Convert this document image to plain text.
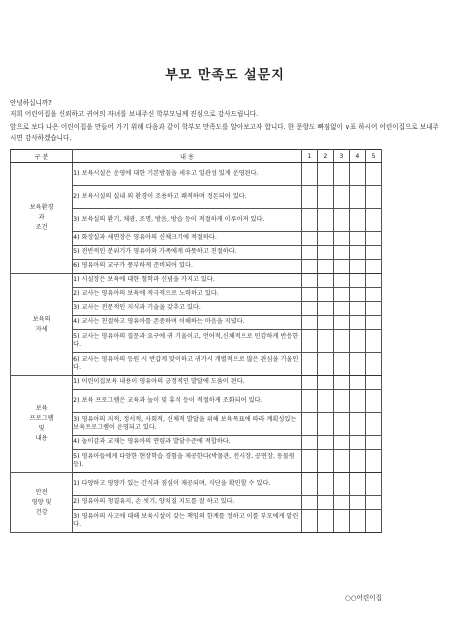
부모 만족도 설문지
안녕하십니까?
저희 어린이집을 신뢰하고 귀여의 자녀를 보내주신 학부모님께 진심으로 감사드립니다.
앞으로 보다 나은 어린이집을 만들어 가기 위해 다음과 같이 학부모 만족도를 알아보고자 합니다. 한 문항도 빠짐없이 ∨표 하시어 어린이집으로 보내주시면 감사하겠습니다.
구 분	내 용	1	2	3	4	5
보육환경
과
조건	1) 보육시설은 운영에 대한 기본방침을 세우고 일관성 있게 운영된다.					
	2) 보육시설의 실내 외 환경이 조용하고 쾌적하며 정돈되어 있다.					
	3) 보육실의 환기, 채광, 조명, 방음, 방습 등이 적절하게 이루어져 있다.					
	4) 화장실과 세면장은 영유아의 신체크기에 적절하다.					
	5) 전반적인 분위기가 영유아와 가족에게 따뜻하고 친절하다.					
	6) 영유아의 교구가 풍부하게 준비되어 있다.					
보육의
자세	1) 시설장은 보육에 대한 철학과 신념을 가지고 있다.					
	2) 교사는 영유아의 보육에 적극적으로 노력하고 있다.					
	3) 교사는 전문적인 지식과 기술을 갖추고 있다.					
	4) 교사는 친절하고 영유아를 존중하며 이해하는 마음을 지녔다.					
	5) 교사는 영유아의 질문과 요구에 귀 기울이고, 언어적,신체적으로 민감하게 반응한다.					
	6) 교사는 영유아의 등원 시 반갑게 맞이하고 귀가시 개별적으로 많은 관심을 기울인다.					
보육
프로그램
및
내용	1) 어린이집보육 내용이 영유아의 긍정적인 발달에 도움이 된다.					
	2) 보육 프로그램은 교육과 놀이 및 휴식 등이 적절하게 조화되어 있다.					
	3) 영유아의 지적, 정서적, 사회적, 신체적 발달을 위해 보육목표에 따라 계획성있는 보육프로그램이 운영되고 있다.					
	4) 놀이감과 교재는 영유아의 연령과 발달수준에 적합하다.					
	5) 영유아들에게 다양한 현장학습 경험을 제공한다(박물관, 전시장, 공연장, 동물원 등).					
안전
영양 및
건강	1) 다양하고 영양가 있는 간식과 점심이 제공되며, 식단을 확인할 수 있다.					
	2) 영유아의 청결유지, 손 씻기, 양치질 지도를 잘 하고 있다.					
	3) 영유아의 사고에 대해 보육시설이 갖는 책임의 한계를 정하고 이를 부모에게 알린다.					
○○어린이집
